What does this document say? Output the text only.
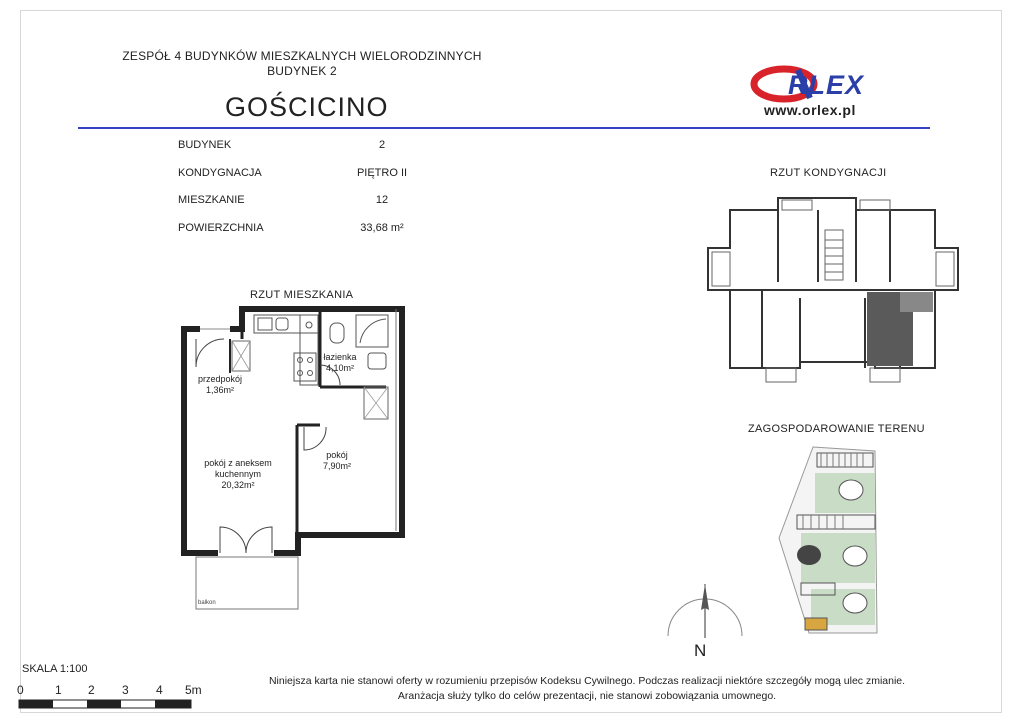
ZESPÓŁ 4 BUDYNKÓW MIESZKALNYCH WIELORODZINNYCH
BUDYNEK 2
GOŚCICINO
RLEX
www.orlex.pl
BUDYNEK	2
KONDYGNACJA	PIĘTRO II
MIESZKANIE	12
POWIERZCHNIA	33,68 m²
RZUT MIESZKANIA
przedpokój
1,36m²
łazienka
4,10m²
pokój
7,90m²
pokój z aneksem
kuchennym
20,32m²
balkon
RZUT KONDYGNACJI
ZAGOSPODAROWANIE TERENU
N
SKALA 1:100
0	1 2 3 4 5m
Niniejsza karta nie stanowi oferty w rozumieniu przepisów Kodeksu Cywilnego. Podczas realizacji niektóre szczegóły mogą ulec zmianie.
Aranżacja służy tylko do celów prezentacji, nie stanowi zobowiązania umownego.
